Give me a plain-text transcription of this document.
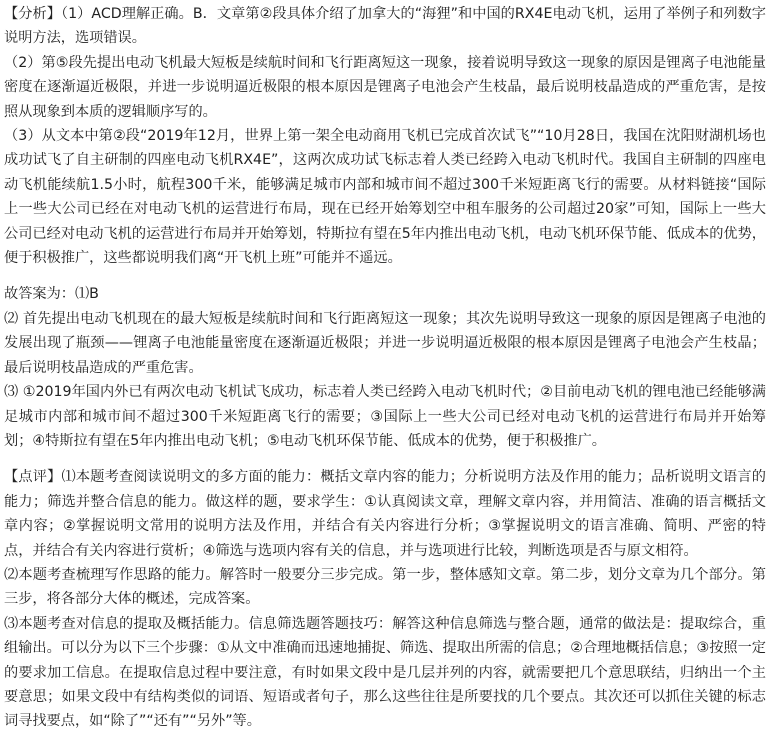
【分析】（1）ACD理解正确。B．文章第②段具体介绍了加拿大的“海狸”和中国的RX4E电动飞机，运用了举例子和列数字说明方法，选项错误。

（2）第⑤段先提出电动飞机最大短板是续航时间和飞行距离短这一现象，接着说明导致这一现象的原因是锂离子电池能量密度在逐渐逼近极限，并进一步说明逼近极限的根本原因是锂离子电池会产生枝晶，最后说明枝晶造成的严重危害，是按照从现象到本质的逻辑顺序写的。

（3）从文本中第②段“2019年12月，世界上第一架全电动商用飞机已完成首次试飞”“10月28日，我国在沈阳财湖机场也成功试飞了自主研制的四座电动飞机RX4E”，这两次成功试飞标志着人类已经跨入电动飞机时代。我国自主研制的四座电动飞机能续航1.5小时，航程300千米，能够满足城市内部和城市间不超过300千米短距离飞行的需要。从材料链接“国际上一些大公司已经在对电动飞机的运营进行布局，现在已经开始筹划空中租车服务的公司超过20家”可知，国际上一些大公司已经对电动飞机的运营进行布局并开始筹划，特斯拉有望在5年内推出电动飞机，电动飞机环保节能、低成本的优势，便于积极推广，这些都说明我们离“开飞机上班”可能并不遥远。

故答案为：⑴B

⑵ 首先提出电动飞机现在的最大短板是续航时间和飞行距离短这一现象；其次先说明导致这一现象的原因是锂离子电池的发展出现了瓶颈——锂离子电池能量密度在逐渐逼近极限；并进一步说明逼近极限的根本原因是锂离子电池会产生枝晶；最后说明枝晶造成的严重危害。

⑶ ①2019年国内外已有两次电动飞机试飞成功，标志着人类已经跨入电动飞机时代；②目前电动飞机的锂电池已经能够满足城市内部和城市间不超过300千米短距离飞行的需要；③国际上一些大公司已经对电动飞机的运营进行布局并开始筹划；④特斯拉有望在5年内推出电动飞机；⑤电动飞机环保节能、低成本的优势，便于积极推广。

【点评】⑴本题考查阅读说明文的多方面的能力：概括文章内容的能力；分析说明方法及作用的能力；品析说明文语言的能力；筛选并整合信息的能力。做这样的题，要求学生：①认真阅读文章，理解文章内容，并用简洁、准确的语言概括文章内容；②掌握说明文常用的说明方法及作用，并结合有关内容进行分析；③掌握说明文的语言准确、简明、严密的特点，并结合有关内容进行赏析；④筛选与选项内容有关的信息，并与选项进行比较，判断选项是否与原文相符。

⑵本题考查梳理写作思路的能力。解答时一般要分三步完成。第一步，整体感知文章。第二步，划分文章为几个部分。第三步，将各部分大体的概述，完成答案。

⑶本题考查对信息的提取及概括能力。信息筛选题答题技巧：解答这种信息筛选与整合题，通常的做法是：提取综合，重组输出。可以分为以下三个步骤：①从文中准确而迅速地捕捉、筛选、提取出所需的信息；②合理地概括信息；③按照一定的要求加工信息。在提取信息过程中要注意，有时如果文段中是几层并列的内容，就需要把几个意思联结，归纳出一个主要意思；如果文段中有结构类似的词语、短语或者句子，那么这些往往是所要找的几个要点。其次还可以抓住关键的标志词寻找要点，如“除了”“还有”“另外”等。
